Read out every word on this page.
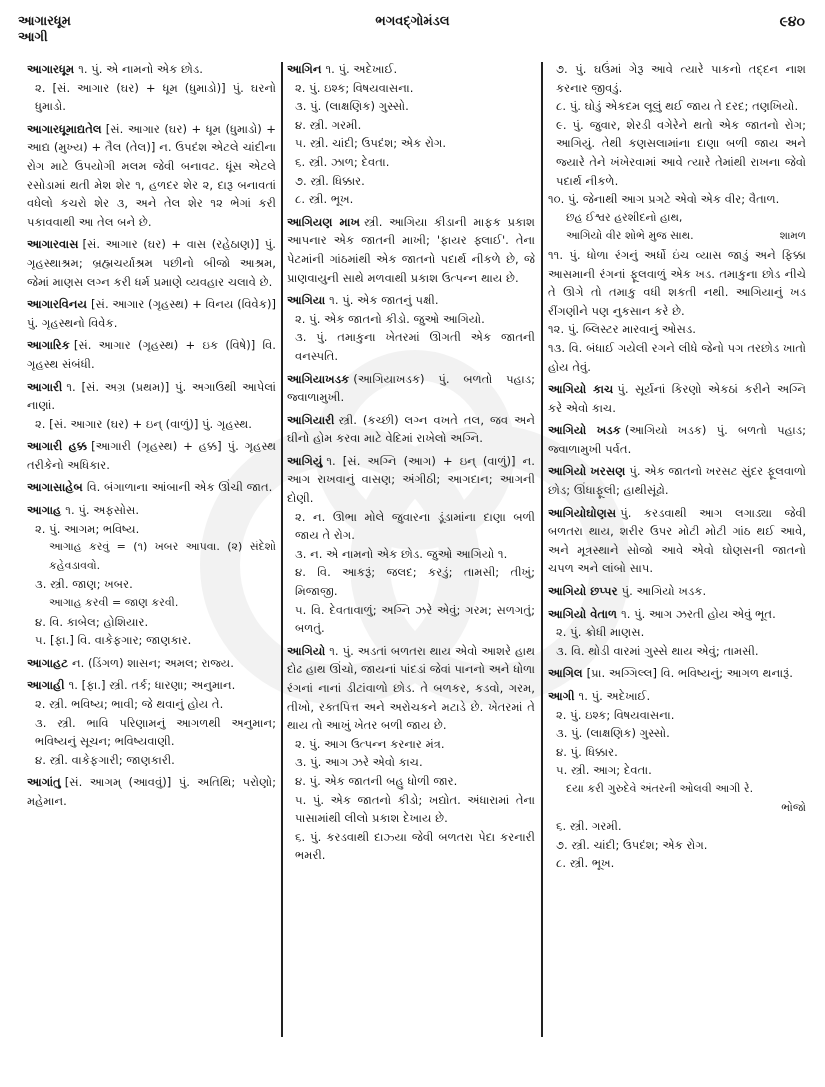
આગારધૂમ
આગી
ભગવદ્ગોમંડલ	૯૪૦

આગારધૂમ ૧. પું. એ નામનો એક છોડ.

૨. [સં. આગાર (ઘર) + ધૂમ (ધુમાડો)] પું. ઘરનો ધુમાડો.

આગારધૂમાદ્યતેલ [સં. આગાર (ઘર) + ધૂમ (ધુમાડો) + આદ્ય (મુખ્ય) + તૈલ (તેલ)] ન. ઉપદંશ એટલે ચાંદીના રોગ માટે ઉપયોગી મલમ જેવી બનાવટ. ધૂંસ એટલે રસોડામાં થતી મેશ શેર ૧, હળદર શેર ૨, દારૂ બનાવતાં વધેલો કચરો શેર ૩, અને તેલ શેર ૧૨ ભેગાં કરી પકાવવાથી આ તેલ બને છે.

આગારવાસ [સં. આગાર (ઘર) + વાસ (રહેઠાણ)] પું. ગૃહસ્થાશ્રમ; બ્રહ્મચર્યાશ્રમ પછીનો બીજો આશ્રમ, જેમાં માણસ લગ્ન કરી ધર્મ પ્રમાણે વ્યવહાર ચલાવે છે.

આગારવિનય [સં. આગાર (ગૃહસ્થ) + વિનય (વિવેક)] પું. ગૃહસ્થનો વિવેક.

આગારિક [સં. આગાર (ગૃહસ્થ) + ઇક (વિષે)] વિ. ગૃહસ્થ સંબંધી.

આગારી ૧. [સં. અગ્ર (પ્રથમ)] પું. અગાઉથી આપેલાં નાણાં.

૨. [સં. આગાર (ઘર) + ઇન્ (વાળું)] પું. ગૃહસ્થ.

આગારી હક્ક [આગારી (ગૃહસ્થ) + હક્ક] પું. ગૃહસ્થ તરીકેનો અધિકાર.

આગાસાહેબ વિ. બંગાળાના આંબાની એક ઊંચી જાત.

આગાહ ૧. પું. અફસોસ.

૨. પું. આગમ; ભવિષ્ય.

આગાહ કરવું = (૧) ખબર આપવા. (૨) સંદેશો કહેવડાવવો.

૩. સ્ત્રી. જાણ; ખબર.

આગાહ કરવી = જાણ કરવી.

૪. વિ. કાબેલ; હોશિયાર.

૫. [ફા.] વિ. વાકેફગાર; જાણકાર.

આગાહટ ન. (ડિંગળ) શાસન; અમલ; રાજ્ય.

આગાહી ૧. [ફા.] સ્ત્રી. તર્ક; ધારણા; અનુમાન.

૨. સ્ત્રી. ભવિષ્ય; ભાવી; જે થવાનું હોય તે.

૩. સ્ત્રી. ભાવિ પરિણામનું આગળથી અનુમાન; ભવિષ્યનું સૂચન; ભવિષ્યવાણી.

૪. સ્ત્રી. વાકેફગારી; જાણકારી.

આગાંતુ [સં. આગમ્ (આવવું)] પું. અતિથિ; પરોણો; મહેમાન.

આગિન ૧. પું. અદેખાઈ.

૨. પું. ઇશ્ક; વિષયવાસના.

૩. પું. (લાક્ષણિક) ગુસ્સો.

૪. સ્ત્રી. ગરમી.

૫. સ્ત્રી. ચાંદી; ઉપદંશ; એક રોગ.

૬. સ્ત્રી. ઝાળ; દેવતા.

૭. સ્ત્રી. ધિક્કાર.

૮. સ્ત્રી. ભૂખ.

આગિયણ માખ સ્ત્રી. આગિયા કીડાની માફક પ્રકાશ આપનાર એક જાતની માખી; 'ફાયર ફ્લાઈ'. તેના પેટમાંની ગાંઠમાંથી એક જાતનો પદાર્થ નીકળે છે, જે પ્રાણવાયુની સાથે મળવાથી પ્રકાશ ઉત્પન્ન થાય છે.

આગિયા ૧. પું. એક જાતનું પક્ષી.

૨. પું. એક જાતનો કીડો. જુઓ આગિયો.

૩. પું. તમાકુના ખેતરમાં ઊગતી એક જાતની વનસ્પતિ.

આગિયાખડક (આગિયાખડક) પું. બળતો પહાડ; જ્વાળામુખી.

આગિયારી સ્ત્રી. (કચ્છી) લગ્ન વખતે તલ, જવ અને ઘીનો હોમ કરવા માટે વેદિમાં રાખેલો અગ્નિ.

આગિયું ૧. [સં. અગ્નિ (આગ) + ઇન્ (વાળું)] ન. આગ રાખવાનું વાસણ; અંગીઠી; આગદાન; આગની દોણી.

૨. ન. ઊભા મોલે જુવારના ડૂંડામાંના દાણા બળી જાય તે રોગ.

૩. ન. એ નામનો એક છોડ. જુઓ આગિયો ૧.

૪. વિ. આકરૂં; જલદ; કરડું; તામસી; તીખું; મિજાજી.

૫. વિ. દેવતાવાળું; અગ્નિ ઝરે એવું; ગરમ; સળગતું; બળતું.

આગિયો ૧. પું. અડતાં બળતરા થાય એવો આશરે હાથ દોઢ હાથ ઊંચો, જાયનાં પાંદડાં જેવાં પાનનો અને ધોળા રંગનાં નાનાં ડીટાંવાળો છોડ. તે બળકર, કડવો, ગરમ, તીખો, રક્તપિત્ત અને અરોચકને મટાડે છે. ખેતરમાં તે થાય તો આખું ખેતર બળી જાય છે.

૨. પું. આગ ઉત્પન્ન કરનાર મંત્ર.

૩. પું. આગ ઝરે એવો કાચ.

૪. પું. એક જાતની બહુ ધોળી જાર.

૫. પું. એક જાતનો કીડો; ખદ્યોત. અંધારામાં તેના પાસામાંથી લીલો પ્રકાશ દેખાય છે.

૬. પું. કરડવાથી દાઝ્યા જેવી બળતરા પેદા કરનારી ભમરી.

૭. પું. ઘઉંમાં ગેરૂ આવે ત્યારે પાકનો તદ્દન નાશ કરનાર જીવડું.

૮. પું. ઘોડું એકદમ લૂલું થઈ જાય તે દરદ; તણખિયો.

૯. પું. જુવાર, શેરડી વગેરેને થતો એક જાતનો રોગ; આગિયું. તેથી કણસલામાંના દાણા બળી જાય અને જ્યારે તેને ખંખેરવામાં આવે ત્યારે તેમાંથી રાખના જેવો પદાર્થ નીકળે.

૧૦. પું. જેનાથી આગ પ્રગટે એવો એક વીર; વૈતાળ.

છહ ઈશ્વર હરશીદનો હાથ,

આગિયો વીર શોભે મુજ સાથ.	શામળ

૧૧. પું. ધોળા રંગનું અર્ધો ઇંચ વ્યાસ જાડું અને ફિક્કા આસમાની રંગનાં ફૂલવાળું એક ખડ. તમાકુના છોડ નીચે તે ઊગે તો તમાકુ વધી શકતી નથી. આગિયાનું ખડ રીંગણીને પણ નુકસાન કરે છે.

૧૨. પું. બ્લિસ્ટર મારવાનું ઓસડ.

૧૩. વિ. બંધાઈ ગયેલી રગને લીધે જેનો પગ તરછોડ ખાતો હોય તેવું.

આગિયો કાચ પું. સૂર્યનાં કિરણો એકઠાં કરીને અગ્નિ કરે એવો કાચ.

આગિયો ખડક (આગિયો ખડક) પું. બળતો પહાડ; જ્વાળામુખી પર્વત.

આગિયો ખરસણ પું. એક જાતનો ખરસટ સુંદર ફૂલવાળો છોડ; ઊંધાફૂલી; હાથીસૂંઢો.

આગિયોઘોણસ પું. કરડવાથી આગ લગાડ્યા જેવી બળતરા થાય, શરીર ઉપર મોટી મોટી ગાંઠ થઈ આવે, અને મૂત્રસ્થાને સોજો આવે એવો ઘોણસની જાતનો ચપળ અને લાંબો સાપ.

આગિયો છપ્પર પું. આગિયો ખડક.

આગિયો વેતાળ ૧. પું. આગ ઝરતી હોય એવું ભૂત.

૨. પું. ક્રોધી માણસ.

૩. વિ. થોડી વારમાં ગુસ્સે થાય એવું; તામસી.

આગિલ [પ્રા. અગ્ગિલ્લ] વિ. ભવિષ્યનું; આગળ થનારૂં.

આગી ૧. પું. અદેખાઈ.

૨. પું. ઇશ્ક; વિષયવાસના.

૩. પું. (લાક્ષણિક) ગુસ્સો.

૪. પું. ધિક્કાર.

૫. સ્ત્રી. આગ; દેવતા.

દયા કરી ગુરુદેવે અંતરની ઓલવી આગી રે.

ભોજો

૬. સ્ત્રી. ગરમી.

૭. સ્ત્રી. ચાંદી; ઉપદંશ; એક રોગ.

૮. સ્ત્રી. ભૂખ.
